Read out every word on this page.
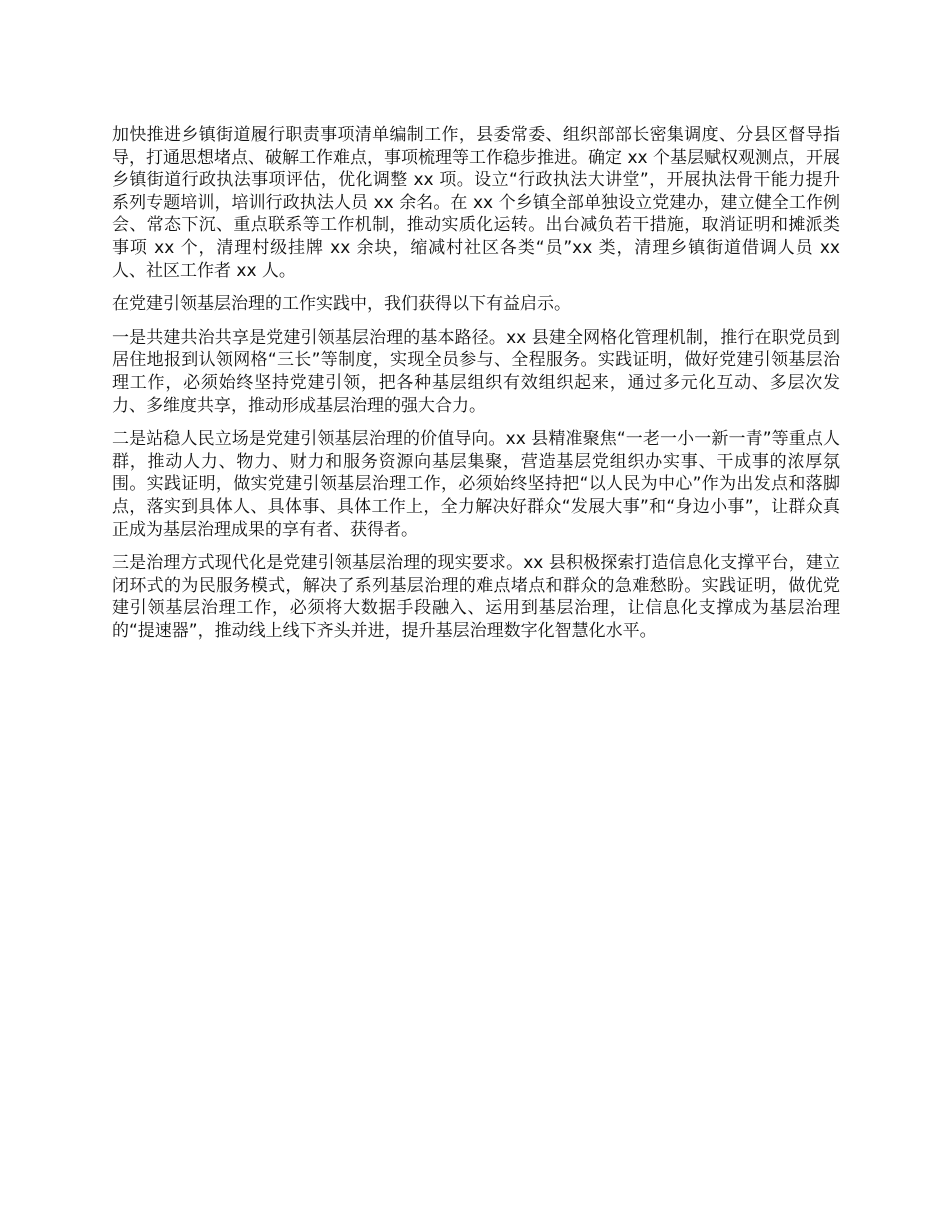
加快推进乡镇街道履行职责事项清单编制工作，县委常委、组织部部长密集调度、分县区督导指导，打通思想堵点、破解工作难点，事项梳理等工作稳步推进。确定 xx 个基层赋权观测点，开展乡镇街道行政执法事项评估，优化调整 xx 项。设立“行政执法大讲堂”，开展执法骨干能力提升系列专题培训，培训行政执法人员 xx 余名。在 xx 个乡镇全部单独设立党建办，建立健全工作例会、常态下沉、重点联系等工作机制，推动实质化运转。出台减负若干措施，取消证明和摊派类事项 xx 个，清理村级挂牌 xx 余块，缩减村社区各类“员”xx 类，清理乡镇街道借调人员 xx 人、社区工作者 xx 人。

在党建引领基层治理的工作实践中，我们获得以下有益启示。

一是共建共治共享是党建引领基层治理的基本路径。xx 县建全网格化管理机制，推行在职党员到居住地报到认领网格“三长”等制度，实现全员参与、全程服务。实践证明，做好党建引领基层治理工作，必须始终坚持党建引领，把各种基层组织有效组织起来，通过多元化互动、多层次发力、多维度共享，推动形成基层治理的强大合力。

二是站稳人民立场是党建引领基层治理的价值导向。xx 县精准聚焦“一老一小一新一青”等重点人群，推动人力、物力、财力和服务资源向基层集聚，营造基层党组织办实事、干成事的浓厚氛围。实践证明，做实党建引领基层治理工作，必须始终坚持把“以人民为中心”作为出发点和落脚点，落实到具体人、具体事、具体工作上，全力解决好群众“发展大事”和“身边小事”，让群众真正成为基层治理成果的享有者、获得者。

三是治理方式现代化是党建引领基层治理的现实要求。xx 县积极探索打造信息化支撑平台，建立闭环式的为民服务模式，解决了系列基层治理的难点堵点和群众的急难愁盼。实践证明，做优党建引领基层治理工作，必须将大数据手段融入、运用到基层治理，让信息化支撑成为基层治理的“提速器”，推动线上线下齐头并进，提升基层治理数字化智慧化水平。
